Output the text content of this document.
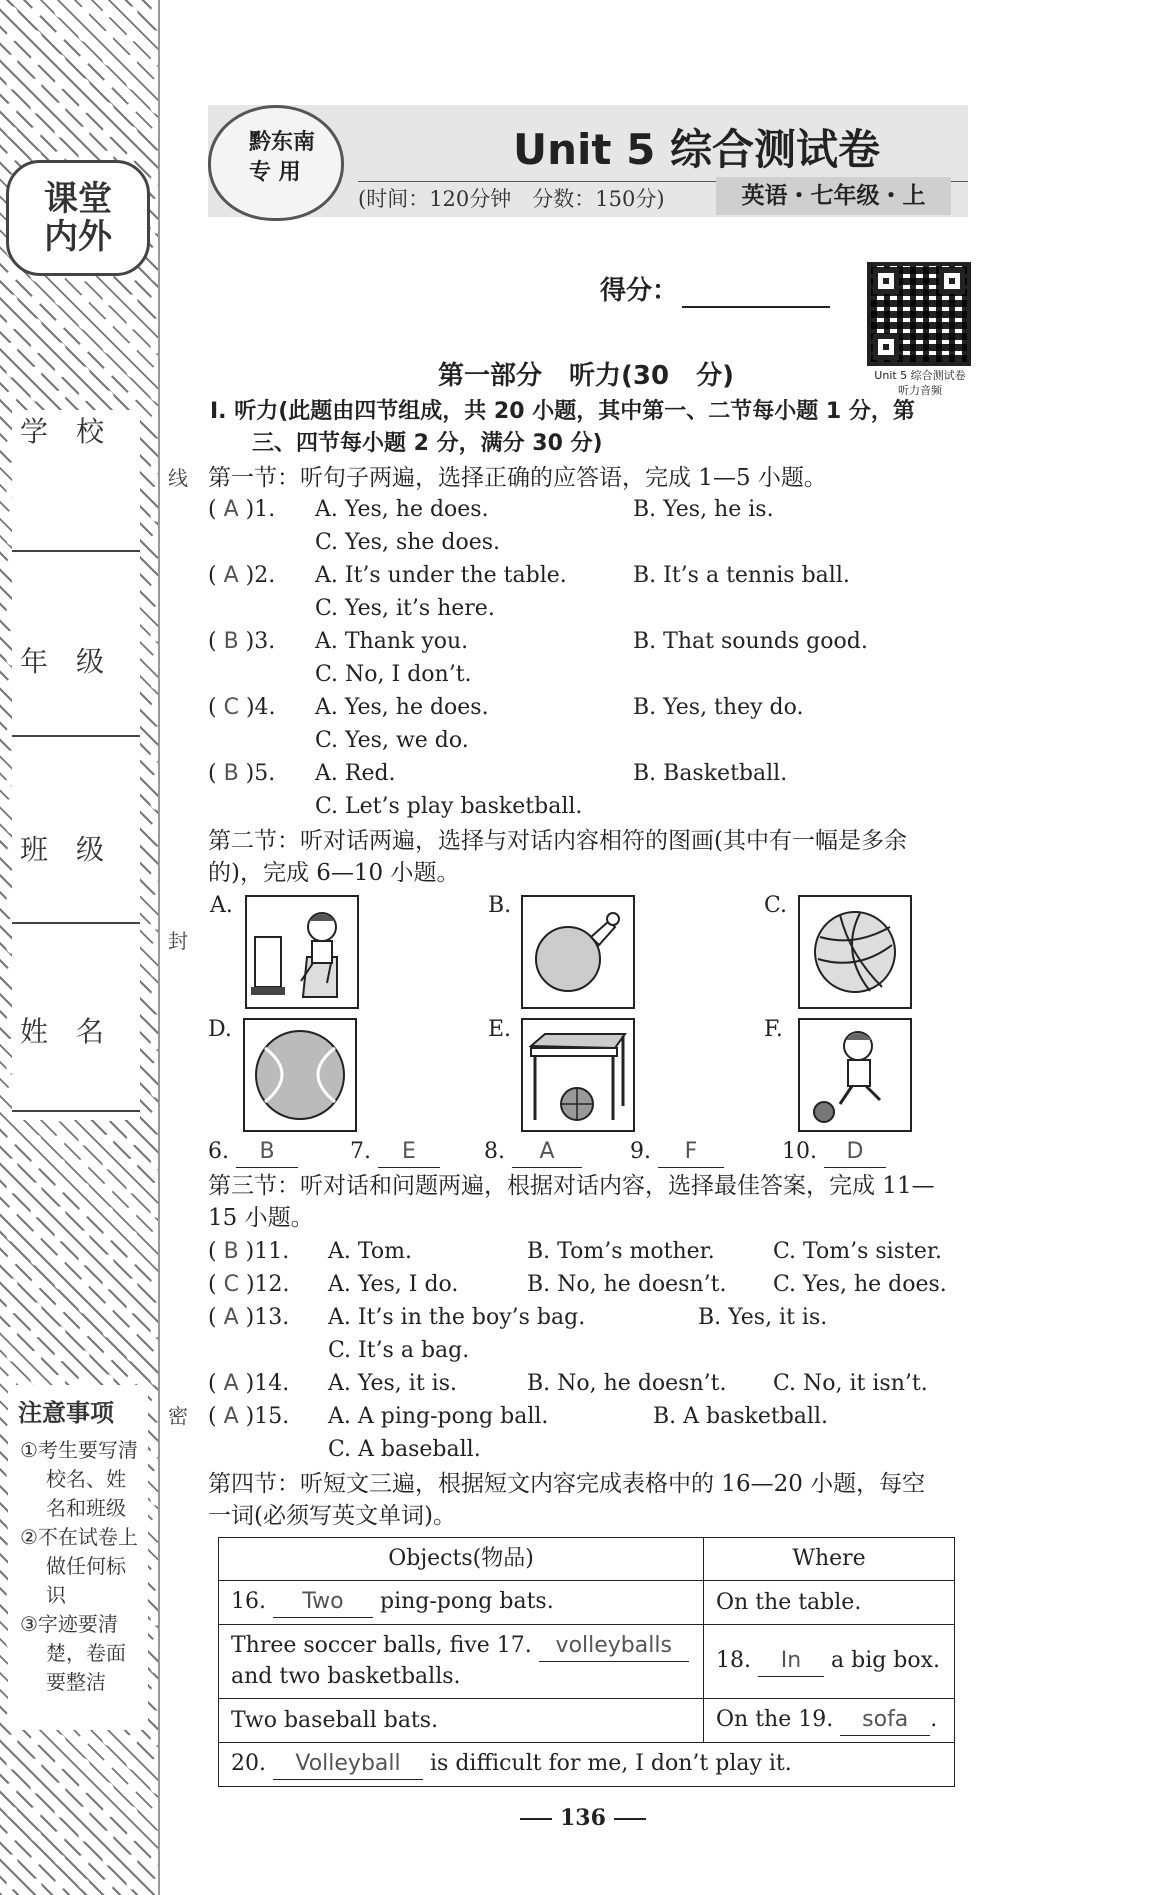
课堂
内外
学校
年级
班级
姓名
注意事项
①考生要写清校名、姓名和班级
②不在试卷上做任何标识
③字迹要清楚，卷面要整洁
线
封
密
黔东南
专 用	Unit 5 综合测试卷
(时间：120分钟　分数：150分)	英语・七年级・上
得分：
Unit 5 综合测试卷
听力音频
第一部分 听力(30 分)
Ⅰ. 听力(此题由四节组成，共 20 小题，其中第一、二节每小题 1 分，第
三、四节每小题 2 分，满分 30 分)
第一节：听句子两遍，选择正确的应答语，完成 1—5 小题。
( A )1. A. Yes, he does.	B. Yes, he is.
C. Yes, she does.
( A )2. A. It’s under the table.	B. It’s a tennis ball.
C. Yes, it’s here.
( B )3. A. Thank you.	B. That sounds good.
C. No, I don’t.
( C )4. A. Yes, he does.	B. Yes, they do.
C. Yes, we do.
( B )5. A. Red.	B. Basketball.
C. Let’s play basketball.
第二节：听对话两遍，选择与对话内容相符的图画(其中有一幅是多余
的)，完成 6—10 小题。
A.	B.	C.
D.	E.	F.
6. B	7. E	8. A	9. F	10. D
第三节：听对话和问题两遍，根据对话内容，选择最佳答案，完成 11—
15 小题。
( B )11. A. Tom.	B. Tom’s mother.	C. Tom’s sister.
( C )12. A. Yes, I do.	B. No, he doesn’t. C. Yes, he does.
( A )13. A. It’s in the boy’s bag.	B. Yes, it is.
C. It’s a bag.
( A )14. A. Yes, it is.	B. No, he doesn’t. C. No, it isn’t.
( A )15. A. A ping-pong ball.	B. A basketball.
C. A baseball.
第四节：听短文三遍，根据短文内容完成表格中的 16—20 小题，每空
一词(必须写英文单词)。
Objects(物品)	Where
16. Two ping-pong bats.	On the table.
Three soccer balls, five 17. volleyballs
and two basketballs.	18. In a big box.
Two baseball bats.	On the 19. sofa .
20. Volleyball is difficult for me, I don’t play it.	
136
